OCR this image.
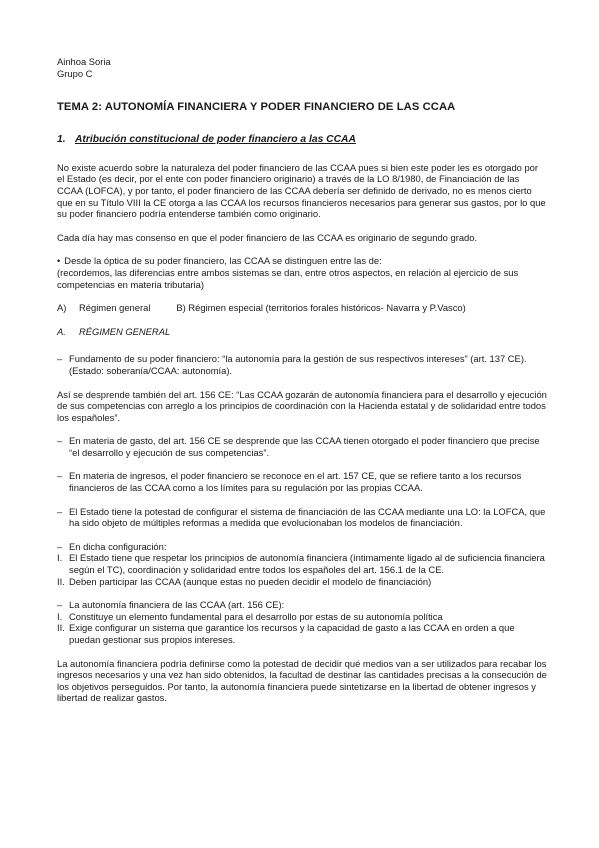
Ainhoa Soria

Grupo C

TEMA 2: AUTONOMÍA FINANCIERA Y PODER FINANCIERO DE LAS CCAA

1. Atribución constitucional de poder financiero a las CCAA

No existe acuerdo sobre la naturaleza del poder financiero de las CCAA pues si bien este poder les es otorgado por el Estado (es decir, por el ente con poder financiero originario) a través de la LO 8/1980, de Financiación de las CCAA (LOFCA), y por tanto, el poder financiero de las CCAA debería ser definido de derivado, no es menos cierto que en su Título VIII la CE otorga a las CCAA los recursos financieros necesarios para generar sus gastos, por lo que su poder financiero podría entenderse también como originario.

Cada día hay mas consenso en que el poder financiero de las CCAA es originario de segundo grado.

• Desde la óptica de su poder financiero, las CCAA se distinguen entre las de:

(recordemos, las diferencias entre ambos sistemas se dan, entre otros aspectos, en relación al ejercicio de sus competencias en materia tributaria)

A) Régimen general	B) Régimen especial (territorios forales históricos- Navarra y P.Vasco)

A. RÉGIMEN GENERAL

– Fundamento de su poder financiero: “la autonomía para la gestión de sus respectivos intereses” (art. 137 CE). (Estado: soberanía/CCAA: autonomía).

Así se desprende también del art. 156 CE: “Las CCAA gozarán de autonomía financiera para el desarrollo y ejecución de sus competencias con arreglo a los principios de coordinación con la Hacienda estatal y de solidaridad entre todos los españoles”.

– En materia de gasto, del art. 156 CE se desprende que las CCAA tienen otorgado el poder financiero que precise “el desarrollo y ejecución de sus competencias”.

– En materia de ingresos, el poder financiero se reconoce en el art. 157 CE, que se refiere tanto a los recursos financieros de las CCAA como a los límites para su regulación por las propias CCAA.

– El Estado tiene la potestad de configurar el sistema de financiación de las CCAA mediante una LO: la LOFCA, que ha sido objeto de múltiples reformas a medida que evolucionaban los modelos de financiación.

– En dicha configuración:

I. El Estado tiene que respetar los principios de autonomía financiera (íntimamente ligado al de suficiencia financiera según el TC), coordinación y solidaridad entre todos los españoles del art. 156.1 de la CE.

II. Deben participar las CCAA (aunque estas no pueden decidir el modelo de financiación)

– La autonomía financiera de las CCAA (art. 156 CE):

I. Constituye un elemento fundamental para el desarrollo por estas de su autonomía política

II. Exige configurar un sistema que garantice los recursos y la capacidad de gasto a las CCAA en orden a que puedan gestionar sus propios intereses.

La autonomía financiera podría definirse como la potestad de decidir qué medios van a ser utilizados para recabar los ingresos necesarios y una vez han sido obtenidos, la facultad de destinar las cantidades precisas a la consecución de los objetivos perseguidos. Por tanto, la autonomía financiera puede sintetizarse en la libertad de obtener ingresos y libertad de realizar gastos.
